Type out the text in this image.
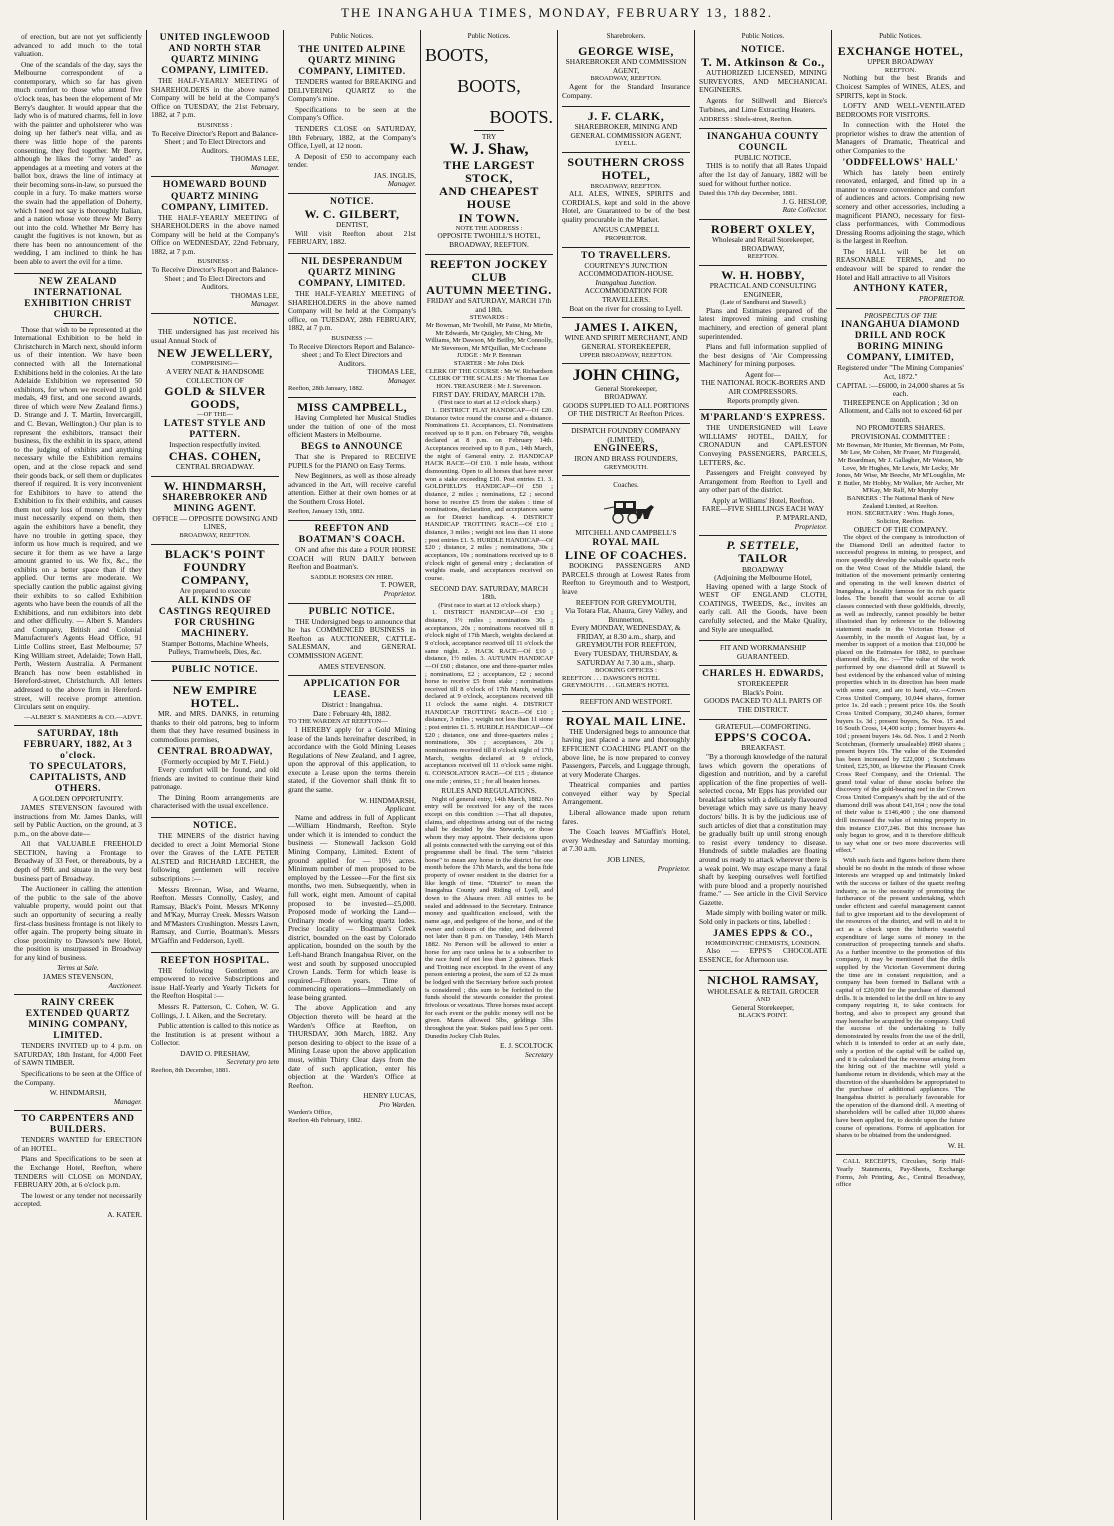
THE INANGAHUA TIMES, MONDAY, FEBRUARY 13, 1882.

of erection, but are not yet sufficiently advanced to add much to the total valuation.

One of the scandals of the day, says the Melbourne correspondent of a contemporary, which so far has given much comfort to those who attend five o'clock teas, has been the elopement of Mr Berry's daughter. It would appear that the lady who is of matured charms, fell in love with the painter and upholsterer who was doing up her father's neat villa, and as there was little hope of the parents consenting, they fled together. Mr Berry, although he likes the "orny 'anded" as appendages at a meeting and voters at the ballot box, draws the line of intimacy at their becoming sons-in-law, so pursued the couple in a fury. To make matters worse the swain had the appellation of Doherty, which I need not say is thoroughly Italian, and a nation whose vote threw Mr Berry out into the cold. Whether Mr Berry has caught the fugitives is not known, but as there has been no announcement of the wedding, I am inclined to think he has been able to avert the evil for a time.

NEW ZEALAND INTERNATIONAL EXHIBITION CHRIST CHURCH.

Those that wish to be represented at the International Exhibition to be held in Christchurch in March next, should inform us of their intention. We have been connected with all the International Exhibitions held in the colonies. At the late Adelaide Exhibition we represented 50 exhibitors, for whom we received 10 gold medals, 49 first, and one second awards, three of which were New Zealand firms.) D. Strange and J. T. Martin, Invercargill, and C. Bevan, Wellington.) Our plan is to represent the exhibitors, transact their business, fix the exhibit in its space, attend to the judging of exhibits and anything necessary while the Exhibition remains open, and at the close repack and send their goods back, or sell them or duplicates thereof if required. It is very inconvenient for Exhibitors to have to attend the Exhibition to fix their exhibits, and causes them not only loss of money which they must necessarily expend on them, then again the exhibitors have a benefit, they have no trouble in getting space, they inform us how much is required, and we secure it for them as we have a large amount granted to us. We fix, &c., the exhibits on a better space than if they applied. Our terms are moderate. We specially caution the public against giving their exhibits to so called Exhibition agents who have been the rounds of all the Exhibitions, and run exhibitors into debt and other difficulty. — Albert S. Manders and Company, British and Colonial Manufacturer's Agents Head Office, 91 Little Collins street, East Melbourne; 57 King William street, Adelaide; Town Hall, Perth, Western Australia. A Permanent Branch has now been established in Hereford-street, Christchurch. All letters addressed to the above firm in Hereford-street, will receive prompt attention. Circulars sent on enquiry.

—ALBERT S. MANDERS & CO.—ADVT.
SATURDAY, 18th FEBRUARY, 1882, At 3 o'clock.
TO SPECULATORS, CAPITALISTS, AND OTHERS.
A GOLDEN OPPORTUNITY.

JAMES STEVENSON favoured with instructions from Mr. James Danks, will sell by Public Auction, on the ground, at 3 p.m., on the above date—

All that VALUABLE FREEHOLD SECTION, having a Frontage to Broadway of 33 Feet, or thereabouts, by a depth of 99ft. and situate in the very best business part of Broadway.

The Auctioneer in calling the attention of the public to the sale of the above valuable property, would point out that such an opportunity of securing a really first-class business frontage is not likely to offer again. The property being situate in close proximity to Dawson's new Hotel, the position is unsurpassed in Broadway for any kind of business.

Terms at Sale.
JAMES STEVENSON,
Auctioneer.
RAINY CREEK EXTENDED QUARTZ MINING COMPANY, LIMITED.

TENDERS INVITED up to 4 p.m. on SATURDAY, 18th Instant, for 4,000 Feet of SAWN TIMBER.

Specifications to be seen at the Office of the Company.

W. HINDMARSH,
Manager.
TO CARPENTERS AND BUILDERS.

TENDERS WANTED for ERECTION of an HOTEL.

Plans and Specifications to be seen at the Exchange Hotel, Reefton, where TENDERS will CLOSE on MONDAY, FEBRUARY 20th, at 6 o'clock p.m.

The lowest or any tender not necessarily accepted.

A. KATER.
UNITED INGLEWOOD AND NORTH STAR QUARTZ MINING COMPANY, LIMITED.

THE HALF-YEARLY MEETING of SHAREHOLDERS in the above named Company will be held at the Company's Office on TUESDAY, the 21st February, 1882, at 7 p.m.

BUSINESS :
To Receive Director's Report and Balance-Sheet ; and To Elect Directors and Auditors.
THOMAS LEE,
Manager.
HOMEWARD BOUND QUARTZ MINING COMPANY, LIMITED.

THE HALF-YEARLY MEETING of SHAREHOLDERS in the above named Company will be held at the Company's Office on WEDNESDAY, 22nd February, 1882, at 7 p.m.

BUSINESS :
To Receive Director's Report and Balance-Sheet ; and To Elect Directors and Auditors.
THOMAS LEE,
Manager.
NOTICE.

THE undersigned has just received his usual Annual Stock of

NEW JEWELLERY,
COMPRISING—
A VERY NEAT & HANDSOME COLLECTION OF
GOLD & SILVER GOODS,
—OF THE—
LATEST STYLE AND PATTERN.
Inspection respectfully invited.
CHAS. COHEN,
CENTRAL BROADWAY.
W. HINDMARSH,
SHAREBROKER AND MINING AGENT.
OFFICE — OPPOSITE DOWSING AND LINES,
BROADWAY, REEFTON.
BLACK'S POINT
FOUNDRY COMPANY,
Are prepared to execute
ALL KINDS OF CASTINGS REQUIRED FOR CRUSHING MACHINERY.
Stamper Bottoms, Machine Wheels, Pulleys, Tramwheels, Dies, &c.
PUBLIC NOTICE.
NEW EMPIRE HOTEL.

MR. and MRS. DANKS, in returning thanks to their old patrons, beg to inform them that they have resumed business in commodious premises,

CENTRAL BROADWAY,
(Formerly occupied by Mr T. Field.)

Every comfort will be found, and old friends are invited to continue their kind patronage.

The Dining Room arrangements are characterised with the usual excellence.

NOTICE.

THE MINERS of the district having decided to erect a Joint Memorial Stone over the Graves of the LATE PETER ALSTED and RICHARD LECHER, the following gentlemen will receive subscriptions :—

Messrs Brennan, Wise, and Wearne, Reefton. Messrs Connolly, Casley, and Ramsay, Black's Point. Messrs M'Kenny and M'Kay, Murray Creek. Messrs Watson and M'Masters Crushington. Messrs Lawn, Ramsay, and Currie, Boatman's. Messrs M'Gaffin and Fedderson, Lyell.

REEFTON HOSPITAL.

THE following Gentlemen are empowered to receive Subscriptions and issue Half-Yearly and Yearly Tickets for the Reefton Hospital :—

Messrs R. Patterson, C. Cohen, W. G. Collings, J. I. Aiken, and the Secretary.

Public attention is called to this notice as the Institution is at present without a Collector.

DAVID O. PRESHAW,
Secretary pro tem
Reefton, 8th December, 1881.
Public Notices.
THE UNITED ALPINE QUARTZ MINING COMPANY, LIMITED.

TENDERS wanted for BREAKING and DELIVERING QUARTZ to the Company's mine.

Specifications to be seen at the Company's Office.

TENDERS CLOSE on SATURDAY, 18th February, 1882, at the Company's Office, Lyell, at 12 noon.

A Deposit of £50 to accompany each tender.

JAS. INGLIS,
Manager.
NOTICE.
W. C. GILBERT,
DENTIST,

Will visit Reefton about 21st FEBRUARY, 1882.

NIL DESPERANDUM QUARTZ MINING COMPANY, LIMITED.

THE HALF-YEARLY MEETING of SHAREHOLDERS in the above named Company will be held at the Company's office, on TUESDAY, 28th FEBRUARY, 1882, at 7 p.m.

BUSINESS :—
To Receive Directors Report and Balance-sheet ; and To Elect Directors and Auditors.
THOMAS LEE,
Manager.
Reefton, 28th January, 1882.
MISS CAMPBELL,

Having Completed her Musical Studies under the tuition of one of the most efficient Masters in Melbourne.

BEGS to ANNOUNCE

That she is Prepared to RECEIVE PUPILS for the PIANO on Easy Terms.

New Beginners, as well as those already advanced in the Art, will receive careful attention. Either at their own homes or at the Southern Cross Hotel.

Reefton, January 13th, 1882.
REEFTON AND BOATMAN'S COACH.

ON and after this date a FOUR HORSE COACH will RUN DAILY between Reefton and Boatman's.

SADDLE HORSES ON HIRE.
T. POWER,
Proprietor.
PUBLIC NOTICE.

THE Undersigned begs to announce that he has COMMENCED BUSINESS in Reefton as AUCTIONEER, CATTLE-SALESMAN, and GENERAL COMMISSION AGENT.

AMES STEVENSON.
APPLICATION FOR LEASE.
District : Inangahua.
Date : February 4th, 1882.
TO THE WARDEN AT REEFTON—

I HEREBY apply for a Gold Mining lease of the lands hereinafter described, in accordance with the Gold Mining Leases Regulations of New Zealand, and I agree, upon the approval of this application, to execute a Lease upon the terms therein stated, if the Governor shall think fit to grant the same.

W. HINDMARSH,
Applicant.

Name and address in full of Applicant —William Hindmarsh, Reefton. Style under which it is intended to conduct the business — Stonewall Jackson Gold Mining Company, Limited. Extent of ground applied for — 10½ acres. Minimum number of men proposed to be employed by the Lessee—For the first six months, two men. Subsequently, when in full work, eight men. Amount of capital proposed to be invested—£5,000. Proposed mode of working the Land—Ordinary mode of working quartz lodes. Precise locality — Boatman's Creek district, bounded on the east by Colorado application, bounded on the south by the Left-hand Branch Inangahua River, on the west and south by supposed unoccupied Crown Lands. Term for which lease is required—Fifteen years. Time of commencing operations—Immediately on lease being granted.

The above Application and any Objection thereto will be heard at the Warden's Office at Reefton, on THURSDAY, 30th March, 1882. Any person desiring to object to the issue of a Mining Lease upon the above application must, within Thirty Clear days from the date of such application, enter his objection at the Warden's Office at Reefton.

HENRY LUCAS,
Pro Warden.
Warden's Office,
Reefton 4th February, 1882.
Public Notices.
BOOTS,
BOOTS,
BOOTS.
TRY
W. J. Shaw,
THE LARGEST STOCK,
AND CHEAPEST HOUSE
IN TOWN.
NOTE THE ADDRESS :
OPPOSITE TWOHILL'S HOTEL,
BROADWAY, REEFTON.
REEFTON JOCKEY CLUB
AUTUMN MEETING.
FRIDAY and SATURDAY, MARCH 17th and 18th.
STEWARDS :
Mr Bowman, Mr Twohill, Mr Paine, Mr Mirfin, Mr Edwards, Mr Quigley, Mr Ching, Mr Williams, Mr Dawson, Mr Beilby, Mr Connolly, Mr Stevenson, Mr M'Quillan, Mr Cochrane
JUDGE : Mr P. Brennan
STARTER : Mr John Dick
CLERK OF THE COURSE : Mr W. Richardson
CLERK OF THE SCALES : Mr Thomas Lee
HON. TREASURER : Mr J. Stevenson.
FIRST DAY. FRIDAY, MARCH 17th.
(First race to start at 12 o'clock sharp.)

1. DISTRICT FLAT HANDICAP—Of £20. Distance twice round the course and a distance. Nominations £1. Acceptances, £1. Nominations received up to 8 p.m. on February 7th, weights declared at 8 p.m. on February 14th. Acceptances received up to 8 p.m., 14th March, the night of General entry. 2. HANDICAP HACK RACE—Of £10. 1 mile heats, without dismounting. Open to all horses that have never won a stake exceeding £10. Post entries £1. 3. GOLDFIELD'S HANDICAP—Of £50 ; distance, 2 miles ; nominations, £2 ; second horse to receive £5 from the stakes : time of nominations, declaration, and acceptances same as for District handicap. 4. DISTRICT HANDICAP TROTTING RACE—Of £10 ; distance, 3 miles ; weight not less than 11 stone ; post entries £1. 5. HURDLE HANDICAP—Of £20 ; distance, 2 miles ; nominations, 30s ; acceptances, 10s ; nominations received up to 8 o'clock night of general entry ; declaration of weights made, and acceptances received on course.

SECOND DAY. SATURDAY, MARCH 18th.
(First race to start at 12 o'clock sharp.)

1. DISTRICT HANDICAP—Of £30 ; distance, 1½ miles ; nominations 30s ; acceptances, 20s ; nominations received till 8 o'clock night of 17th March, weights declared at 9 o'clock, acceptance received till 11 o'clock the same night. 2. HACK RACE—Of £10 ; distance, 1½ miles. 3. AUTUMN HANDICAP—Of £60 ; distance, one and three-quarter miles ; nominations, £2 ; acceptances, £2 ; second horse to receive £5 from stake ; nominations received till 8 o'clock of 17th March, weights declared at 9 o'clock, acceptances received till 11 o'clock the same night. 4. DISTRICT HANDICAP TROTTING RACE—Of £10 ; distance, 3 miles ; weight not less than 11 stone ; post entries £1. 5. HURDLE HANDICAP—Of £20 ; distance, one and three-quarters miles ; nominations, 30s ; acceptances, 20s ; nominations received till 8 o'clock night of 17th March, weights declared at 9 o'clock, acceptances received till 11 o'clock same night. 6. CONSOLATION RACE—Of £15 ; distance one mile ; entries, £1 ; for all beaten horses.

RULES AND REGULATIONS.

Night of general entry, 14th March, 1882. No entry will be received for any of the races except on this condition :—That all disputes, claims, and objections arising out of the racing shall be decided by the Stewards, or those whom they may appoint. Their decisions upon all points connected with the carrying out of this programme shall be final. The term "district horse" to mean any horse in the district for one month before the 17th March, and the bona fide property of owner resident in the district for a like length of time. "District" to mean the Inangahua County and Riding of Lyell, and down to the Ahaura river. All entries to be sealed and addressed to the Secretary. Entrance money and qualification enclosed, with the name age, and pedigree of the horse, and of the owner and colours of the rider, and delivered not later than 8 p.m. on Tuesday, 14th March 1882. No Person will be allowed to enter a horse for any race unless he is a subscriber to the race fund of not less than 2 guineas. Hack and Trotting race excepted. In the event of any person entering a protest, the sum of £2 2s must be lodged with the Secretary before such protest is considered ; this sum to be forfeited to the funds should the stewards consider the protest frivolous or vexatious. Three horses must accept for each event or the public money will not be given. Mares allowed 5lbs, geldings 3lbs throughout the year. Stakes paid less 5 per cent. Dunedin Jockey Club Rules.

E. J. SCOLTOCK
Secretary
Sharebrokers.
GEORGE WISE,
SHAREBROKER AND COMMISSION AGENT,
BROADWAY, REEFTON.

Agent for the Standard Insurance Company.

J. F. CLARK,
SHAREBROKER, MINING AND GENERAL COMMISSION AGENT,
LYELL.
SOUTHERN CROSS HOTEL,
BROADWAY, REEFTON.

ALL ALES, WINES, SPIRITS and CORDIALS, kept and sold in the above Hotel, are Guaranteed to be of the best quality procurable in the Market.

ANGUS CAMPBELL
PROPRIETOR.
TO TRAVELLERS.
COURTNEY'S JUNCTION ACCOMMODATION-HOUSE.
Inangahua Junction.
ACCOMMODATION FOR TRAVELLERS.
Boat on the river for crossing to Lyell.
JAMES I. AIKEN,
WINE AND SPIRIT MERCHANT, AND GENERAL STOREKEEPER,
UPPER BROADWAY, REEFTON.
JOHN CHING,
General Storekeeper,
BROADWAY.
GOODS SUPPLIED TO ALL PORTIONS OF THE DISTRICT At Reefton Prices.
DISPATCH FOUNDRY COMPANY (LIMITED),
ENGINEERS,
IRON AND BRASS FOUNDERS,
GREYMOUTH.
Coaches.
MITCHELL AND CAMPBELL'S
ROYAL MAIL
LINE OF COACHES.

BOOKING PASSENGERS AND PARCELS through at Lowest Rates from Reefton to Greymouth and to Westport, leave

REEFTON FOR GREYMOUTH,
Via Totara Flat, Ahaura, Grey Valley, and Brunnerton,
Every MONDAY, WEDNESDAY, & FRIDAY, at 8.30 a.m., sharp, and
GREYMOUTH FOR REEFTON,
Every TUESDAY, THURSDAY, & SATURDAY At 7.30 a.m., sharp.
BOOKING OFFICES :
REEFTON . . . DAWSON'S HOTEL
GREYMOUTH . . . GILMER'S HOTEL
REEFTON AND WESTPORT.
ROYAL MAIL LINE.

THE Undersigned begs to announce that having just placed a new and thoroughly EFFICIENT COACHING PLANT on the above line, he is now prepared to convey Passengers, Parcels, and Luggage through, at very Moderate Charges.

Theatrical companies and parties conveyed either way by Special Arrangement.

Liberal allowance made upon return fares.

The Coach leaves M'Gaffin's Hotel, every Wednesday and Saturday morning, at 7.30 a.m.

JOB LINES,
Proprietor.
Public Notices.
NOTICE.
T. M. Atkinson & Co.,

AUTHORIZED LICENSED, MINING SURVEYORS, AND MECHANICAL ENGINEERS.

Agents for Stillwell and Bierce's Turbines, and Lime Extracting Heaters.

ADDRESS : Shiels-street, Reefton.
INANGAHUA COUNTY COUNCIL
PUBLIC NOTICE.

THIS is to notify that all Rates Unpaid after the 1st day of January, 1882 will be sued for without further notice.

Dated this 17th day December, 1881.
J. G. HESLOP,
Rate Collector.
ROBERT OXLEY,
Wholesale and Retail Storekeeper,
BROADWAY,
REEFTON.
W. H. HOBBY,
PRACTICAL AND CONSULTING ENGINEER,
(Late of Sandhurst and Stawell.)

Plans and Estimates prepared of the latest improved mining and crushing machinery, and erection of general plant superintended.

Plans and full information supplied of the best designs of 'Air Compressing Machinery' for mining purposes.

Agent for—
THE NATIONAL ROCK-BORERS AND AIR COMPRESSORS.
Reports promptly given.
M'PARLAND'S EXPRESS.

THE UNDERSIGNED will Leave WILLIAMS' HOTEL, DAILY, for CRONADUN and CAPLESTON Conveying PASSENGERS, PARCELS, LETTERS, &c.

Passengers and Freight conveyed by Arrangement from Reefton to Lyell and any other part of the district.

Apply at Williams' Hotel, Reefton.
FARE—FIVE SHILLINGS EACH WAY
P. M'PARLAND,
Proprietor.
P. SETTELE,
TAILOR
BROADWAY
(Adjoining the Melbourne Hotel,

Having opened with a large Stock of WEST OF ENGLAND CLOTH, COATINGS, TWEEDS, &c., invites an early call. All the Goods, have been carefully selected, and the Make Quality, and Style are unequalled.

FIT AND WORKMANSHIP GUARANTEED.
CHARLES H. EDWARDS,
STOREKEEPER
Black's Point.
GOODS PACKED TO ALL PARTS OF THE DISTRICT.
GRATEFUL—COMFORTING.
EPPS'S COCOA.
BREAKFAST.

"By a thorough knowledge of the natural laws which govern the operations of digestion and nutrition, and by a careful application of the fine properties of well-selected cocoa, Mr Epps has provided our breakfast tables with a delicately flavoured beverage which may save us many heavy doctors' bills. It is by the judicious use of such articles of diet that a constitution may be gradually built up until strong enough to resist every tendency to disease. Hundreds of subtle maladies are floating around us ready to attack wherever there is a weak point. We may escape many a fatal shaft by keeping ourselves well fortified with pure blood and a properly nourished frame." — See article in the Civil Service Gazette.

Made simply with boiling water or milk. Sold only in packets or tins, labelled :

JAMES EPPS & CO.,
HOMŒOPATHIC CHEMISTS, LONDON.

Also — EPPS'S CHOCOLATE ESSENCE, for Afternoon use.

NICHOL RAMSAY,
WHOLESALE & RETAIL GROCER
AND
General Storekeeper,
BLACK'S POINT.
Public Notices.
EXCHANGE HOTEL,
UPPER BROADWAY
REEFTON.

Nothing but the best Brands and Choicest Samples of WINES, ALES, and SPIRITS, kept in Stock.

LOFTY AND WELL-VENTILATED BEDROOMS FOR VISITORS.

In connection with the Hotel the proprietor wishes to draw the attention of Managers of Dramatic, Theatrical and other Companies to the

'ODDFELLOWS' HALL'

Which has lately been entirely renovated, enlarged, and fitted up in a manner to ensure convenience and comfort of audiences and actors. Comprising new scenery and other accessories, including a magnificent PIANO, necessary for first-class performances, with Commodious Dressing Rooms adjoining the stage, which is the largest in Reefton.

The HALL will be let on REASONABLE TERMS, and no endeavour will be spared to render the Hotel and Hall attractive to all Visitors

ANTHONY KATER,
PROPRIETOR.
PROSPECTUS OF THE
INANGAHUA DIAMOND DRILL AND ROCK BORING MINING COMPANY, LIMITED,
Registered under "The Mining Companies' Act, 1872."
CAPITAL :—£6000, in 24,000 shares at 5s each.
THREEPENCE on Application ; 3d on Allotment, and Calls not to exceed 6d per month.
NO PROMOTERS SHARES.
PROVISIONAL COMMITTEE :
Mr Bowman, Mr Hunter, Mr Brennan, Mr Potts, Mr Lee, Mr Cohen, Mr Fraser, Mr Fitzgerald, Mr Boardman, Mr J. Gallagher, Mr Watson, Mr Love, Mr Hughes, Mr Lewis, Mr Lecky, Mr Jones, Mr Wise, Mr Beeche, Mr M'Loughlin, Mr P. Butler, Mr Hobby, Mr Walker, Mr Archer, Mr M'Kay, Mr Ralf, Mr Murphy
BANKERS : The National Bank of New Zealand Limited, at Reefton.
HON. SECRETARY : Wm. Hugh Jones, Solicitor, Reefton.
OBJECT OF THE COMPANY.

The object of the company is introduction of the Diamond Drill an admitted factor to successful progress in mining, to prospect, and more speedily develop the valuable quartz reefs on the West Coast of the Middle Island, the initiation of the movement primarily centering and operating in the well known district of Inangahua, a locality famous for its rich quartz lodes. The benefit that would accrue to all classes connected with these goldfields, directly, as well as indirectly, cannot possibly be better illustrated than by reference to the following statement made in the Victorian House of Assembly, in the month of August last, by a member in support of a motion that £10,000 be placed on the Estimates for 1882, to purchase diamond drills, &c. :—"The value of the work performed by one diamond drill at Stawell is best evidenced by the enhanced value of mining properties which in its direction has been made with some care, and are to hand, viz.—Crown Cross United Company, 10,044 shares, former price 1s. 2d each ; present price 10s. the South Cross United Company, 30,240 shares, former buyers 1s. 3d ; present buyers, 5s. Nos. 15 and 16 South Cross, 14,400 scrip ; former buyers 4s. 10d ; present buyers 14s. 6d. Nos. 1 and 2 North Scotchman, (formerly unsaleable) 8960 shares ; present buyers 10s. The value of the Extended has been increased by £22,000 ; Scotchmans United, £25,300, as likewise the Pleasant Creek Cross Reef Company, and the Oriental. The grand total value of these stocks before the discovery of the gold-bearing reef in the Crown Cross United Company's shaft by the aid of the diamond drill was about £41,164 ; now the total of their value is £146,400 ; the one diamond drill increased the value of mining property in this instance £107,246. But this increase has only begun to grow, and it is therefore difficult to say what one or two more discoveries will effect."

With such facts and figures before them there should be no doubt in the minds of those whose interests are wrapped up and intimately linked with the success or failure of the quartz reefing industry, as to the necessity of promoting the furtherance of the present undertaking, which under efficient and careful management cannot fail to give important aid to the development of the resources of the district, and will in aid it to act as a check upon the hitherto wasteful expenditure of large sums of money in the construction of prospecting tunnels and shafts. As a further incentive to the promotion of this company, it may be mentioned that the drills supplied by the Victorian Government during the time are in constant requisition, and a company has been formed in Ballarat with a capital of £20,000 for the purchase of diamond drills. It is intended to let the drill on hire to any company requiring it, to take contracts for boring, and also to prospect any ground that may hereafter be acquired by the company. Until the success of the undertaking is fully demonstrated by results from the use of the drill, which it is intended to order at an early date, only a portion of the capital will be called up, and it is calculated that the revenue arising from the hiring out of the machine will yield a handsome return in dividends, which may at the discretion of the shareholders be appropriated to the purchase of additional appliances. The Inangahua district is peculiarly favourable for the operation of the diamond drill. A meeting of shareholders will be called after 10,000 shares have been applied for, to decide upon the future course of operations. Forms of application for shares to be obtained from the undersigned.

W. H.

CALL RECEIPTS, Circulars, Scrip Half-Yearly Statements, Pay-Sheets, Exchange Forms, Job Printing, &c., Central Broadway, office
